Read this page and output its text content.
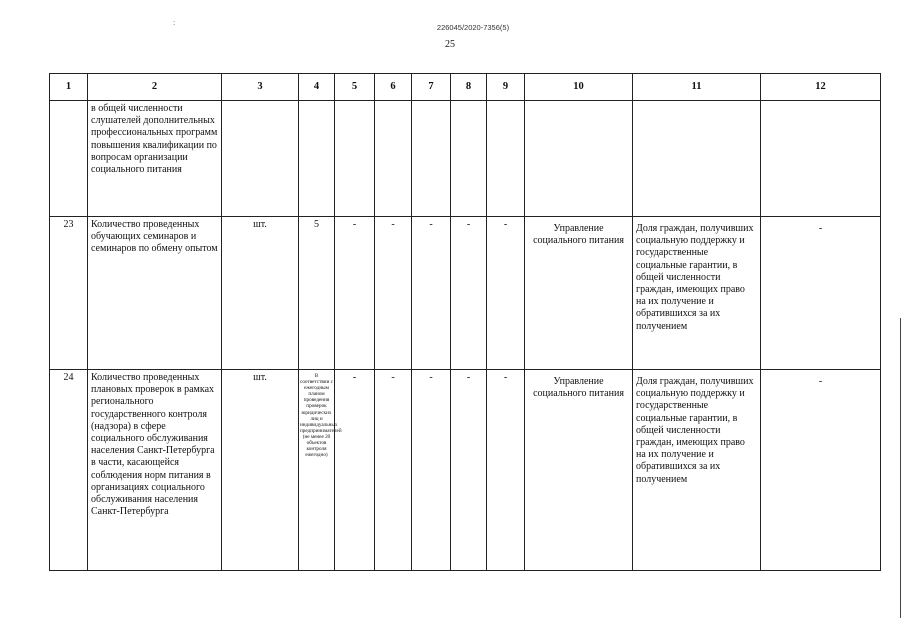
:
226045/2020-7356(5)
25
1	2	3	4	5	6	7	8	9	10	11	12
	в общей численности слушателей дополнительных профессиональных программ повышения квалификации по вопросам организации социального питания										
23	Количество проведенных обучающих семинаров и семинаров по обмену опытом	шт.	5	-	-	-	-	-	Управление социального питания	Доля граждан, получивших социальную поддержку и государственные социальные гарантии, в общей численности граждан, имеющих право на их получение и обратившихся за их получением	-
24	Количество проведенных плановых проверок в рамках регионального государственного контроля (надзора) в сфере социального обслуживания населения Санкт-Петербурга в части, касающейся соблюдения норм питания в организациях социального обслуживания населения Санкт-Петербурга	шт.	В соответствии с ежегодным планом проведения проверок юридических лиц и индивидуальных предпринимателей (не менее 20 объектов контроля ежегодно)	-	-	-	-	-	Управление социального питания	Доля граждан, получивших социальную поддержку и государственные социальные гарантии, в общей численности граждан, имеющих право на их получение и обратившихся за их получением	-
